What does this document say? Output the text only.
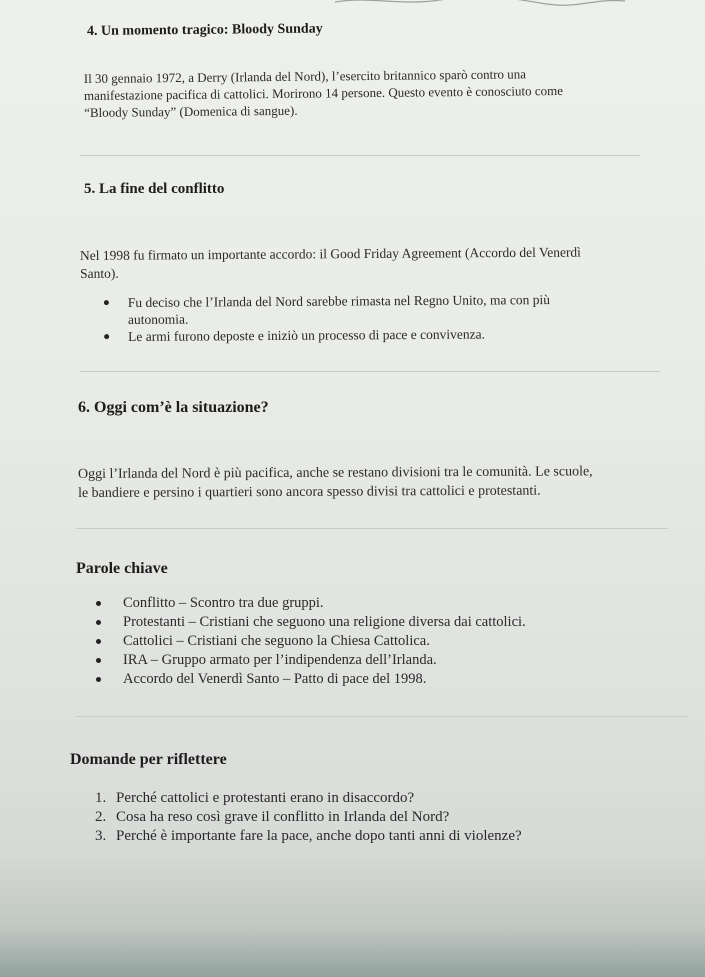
4. Un momento tragico: Bloody Sunday
Il 30 gennaio 1972, a Derry (Irlanda del Nord), l’esercito britannico sparò contro una
manifestazione pacifica di cattolici. Morirono 14 persone. Questo evento è conosciuto come
“Bloody Sunday” (Domenica di sangue).
5. La fine del conflitto
Nel 1998 fu firmato un importante accordo: il Good Friday Agreement (Accordo del Venerdì
Santo).
Fu deciso che l’Irlanda del Nord sarebbe rimasta nel Regno Unito, ma con più
autonomia.
Le armi furono deposte e iniziò un processo di pace e convivenza.
6. Oggi com’è la situazione?
Oggi l’Irlanda del Nord è più pacifica, anche se restano divisioni tra le comunità. Le scuole,
le bandiere e persino i quartieri sono ancora spesso divisi tra cattolici e protestanti.
Parole chiave
Conflitto – Scontro tra due gruppi.
Protestanti – Cristiani che seguono una religione diversa dai cattolici.
Cattolici – Cristiani che seguono la Chiesa Cattolica.
IRA – Gruppo armato per l’indipendenza dell’Irlanda.
Accordo del Venerdì Santo – Patto di pace del 1998.
Domande per riflettere
1. Perché cattolici e protestanti erano in disaccordo?
2. Cosa ha reso così grave il conflitto in Irlanda del Nord?
3. Perché è importante fare la pace, anche dopo tanti anni di violenze?
